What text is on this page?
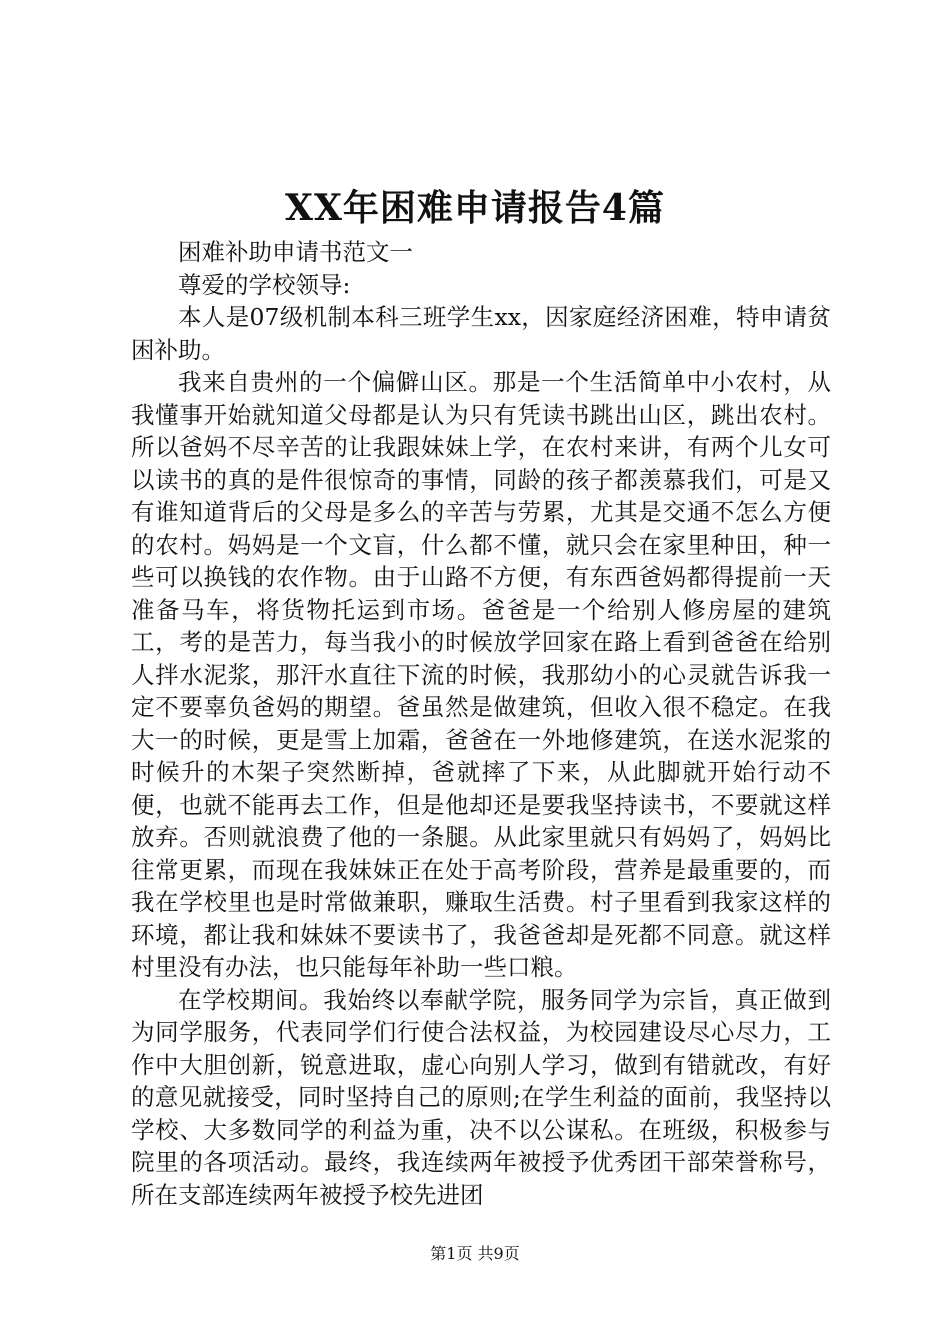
XX年困难申请报告4篇

困难补助申请书范文一

尊爱的学校领导:

本人是07级机制本科三班学生xx，因家庭经济困难，特申请贫困补助。

我来自贵州的一个偏僻山区。那是一个生活简单中小农村，从我懂事开始就知道父母都是认为只有凭读书跳出山区，跳出农村。所以爸妈不尽辛苦的让我跟妹妹上学，在农村来讲，有两个儿女可以读书的真的是件很惊奇的事情，同龄的孩子都羡慕我们，可是又有谁知道背后的父母是多么的辛苦与劳累，尤其是交通不怎么方便的农村。妈妈是一个文盲，什么都不懂，就只会在家里种田，种一些可以换钱的农作物。由于山路不方便，有东西爸妈都得提前一天准备马车，将货物托运到市场。爸爸是一个给别人修房屋的建筑工，考的是苦力，每当我小的时候放学回家在路上看到爸爸在给别人拌水泥浆，那汗水直往下流的时候，我那幼小的心灵就告诉我一定不要辜负爸妈的期望。爸虽然是做建筑，但收入很不稳定。在我大一的时候，更是雪上加霜，爸爸在一外地修建筑，在送水泥浆的时候升的木架子突然断掉，爸就摔了下来，从此脚就开始行动不便，也就不能再去工作，但是他却还是要我坚持读书，不要就这样放弃。否则就浪费了他的一条腿。从此家里就只有妈妈了，妈妈比往常更累，而现在我妹妹正在处于高考阶段，营养是最重要的，而我在学校里也是时常做兼职，赚取生活费。村子里看到我家这样的环境，都让我和妹妹不要读书了，我爸爸却是死都不同意。就这样村里没有办法，也只能每年补助一些口粮。

在学校期间。我始终以奉献学院，服务同学为宗旨，真正做到为同学服务，代表同学们行使合法权益，为校园建设尽心尽力，工作中大胆创新，锐意进取，虚心向别人学习，做到有错就改，有好的意见就接受，同时坚持自己的原则;在学生利益的面前，我坚持以学校、大多数同学的利益为重，决不以公谋私。在班级，积极参与院里的各项活动。最终，我连续两年被授予优秀团干部荣誉称号，所在支部连续两年被授予校先进团

第1页 共9页
